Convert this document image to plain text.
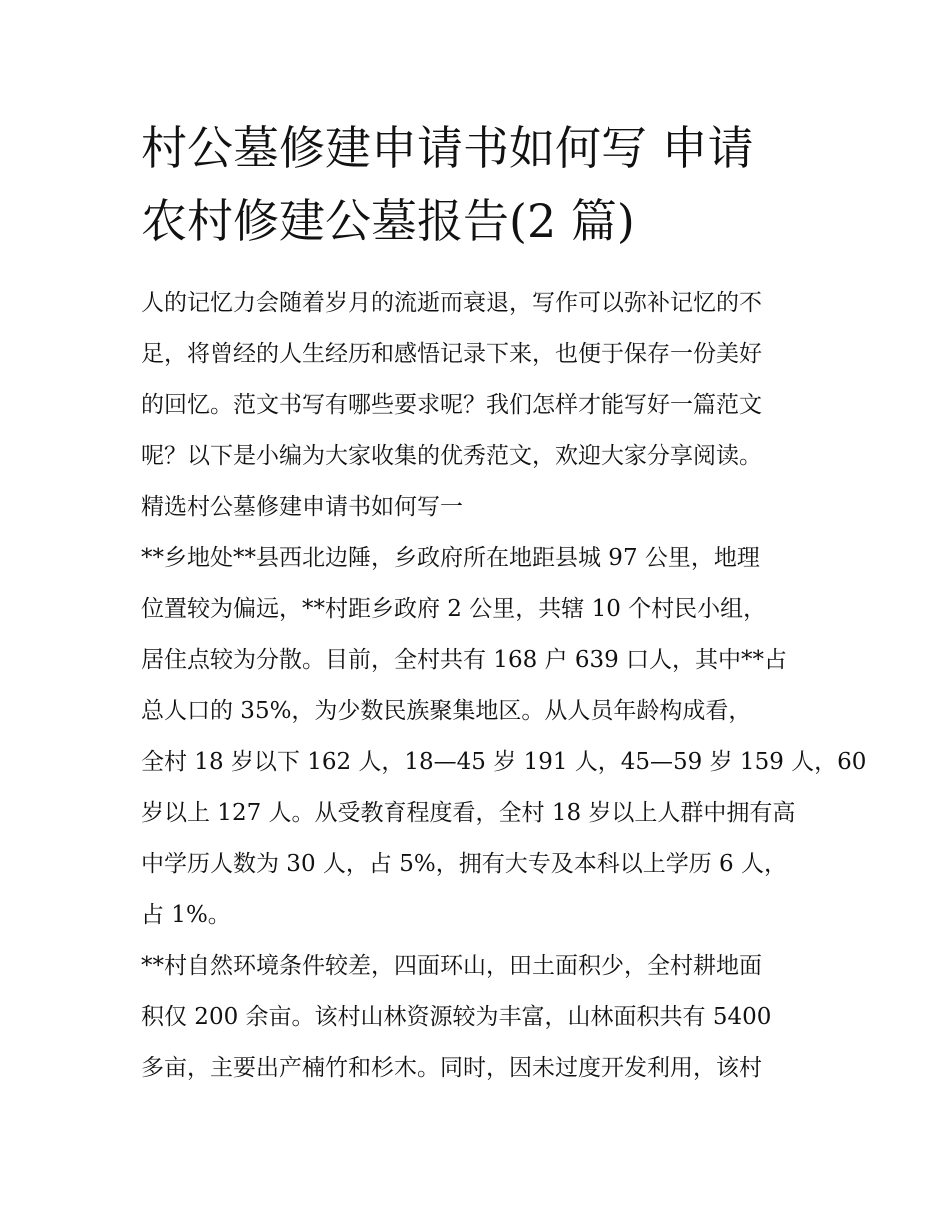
村公墓修建申请书如何写 申请
农村修建公墓报告(2 篇)
人的记忆力会随着岁月的流逝而衰退，写作可以弥补记忆的不
足，将曾经的人生经历和感悟记录下来，也便于保存一份美好
的回忆。范文书写有哪些要求呢？我们怎样才能写好一篇范文
呢？以下是小编为大家收集的优秀范文，欢迎大家分享阅读。
精选村公墓修建申请书如何写一
**乡地处**县西北边陲，乡政府所在地距县城 97 公里，地理
位置较为偏远，**村距乡政府 2 公里，共辖 10 个村民小组，
居住点较为分散。目前，全村共有 168 户 639 口人，其中**占
总人口的 35%，为少数民族聚集地区。从人员年龄构成看，
全村 18 岁以下 162 人，18—45 岁 191 人，45—59 岁 159 人，60
岁以上 127 人。从受教育程度看，全村 18 岁以上人群中拥有高
中学历人数为 30 人，占 5%，拥有大专及本科以上学历 6 人，
占 1%。
**村自然环境条件较差，四面环山，田土面积少，全村耕地面
积仅 200 余亩。该村山林资源较为丰富，山林面积共有 5400
多亩，主要出产楠竹和杉木。同时，因未过度开发利用，该村
